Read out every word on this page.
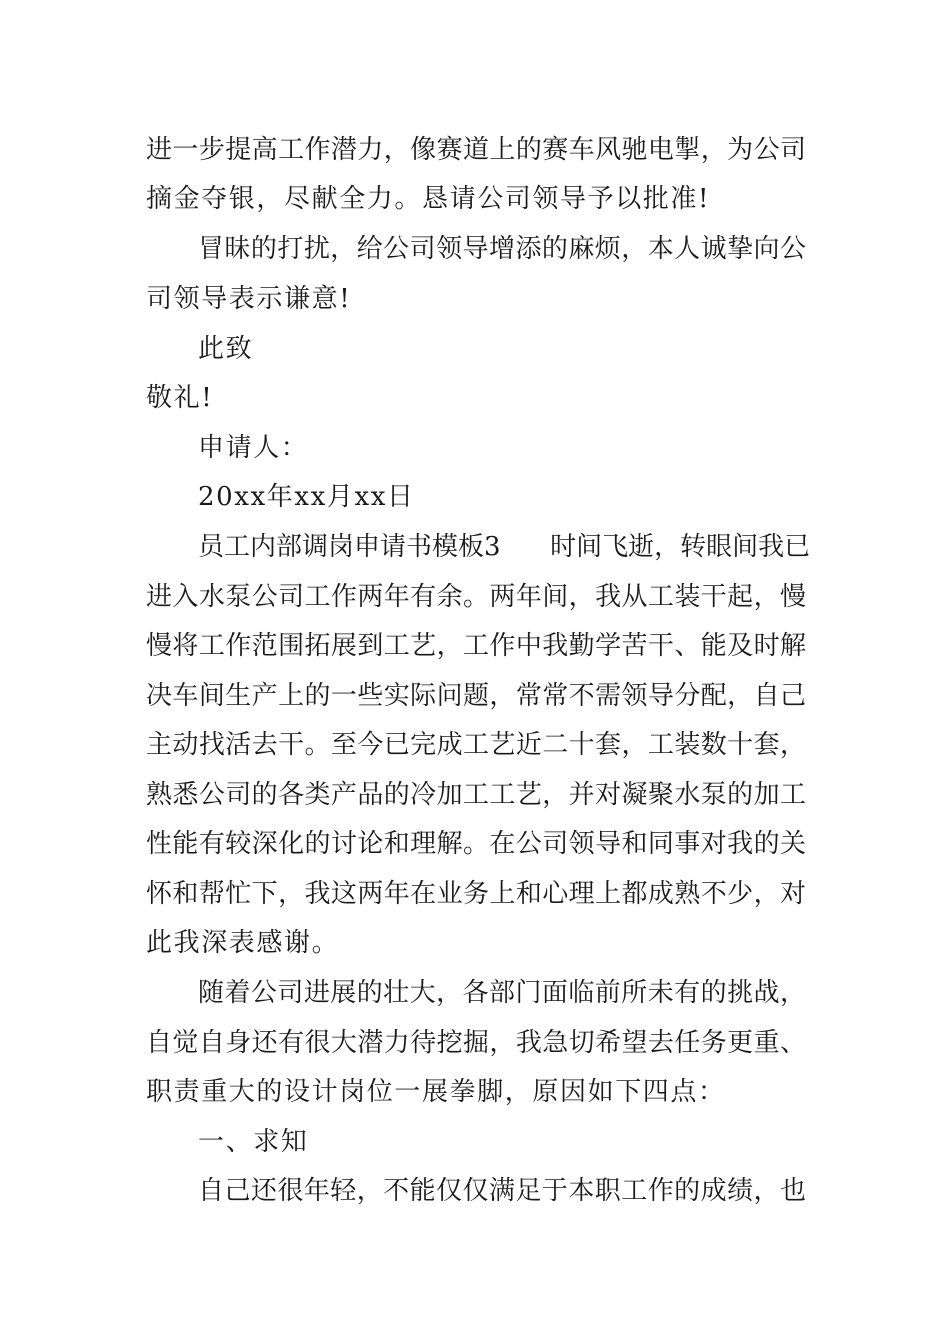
进一步提高工作潜力，像赛道上的赛车风驰电掣，为公司
摘金夺银，尽献全力。恳请公司领导予以批准!
冒昧的打扰，给公司领导增添的麻烦，本人诚挚向公
司领导表示谦意!
此致
敬礼!
申请人：
20xx年xx月xx日
员工内部调岗申请书模板3      时间飞逝，转眼间我已
进入水泵公司工作两年有余。两年间，我从工装干起，慢
慢将工作范围拓展到工艺，工作中我勤学苦干、能及时解
决车间生产上的一些实际问题，常常不需领导分配，自己
主动找活去干。至今已完成工艺近二十套，工装数十套，
熟悉公司的各类产品的冷加工工艺，并对凝聚水泵的加工
性能有较深化的讨论和理解。在公司领导和同事对我的关
怀和帮忙下，我这两年在业务上和心理上都成熟不少，对
此我深表感谢。
随着公司进展的壮大，各部门面临前所未有的挑战，
自觉自身还有很大潜力待挖掘，我急切希望去任务更重、
职责重大的设计岗位一展拳脚，原因如下四点：
一、求知
自己还很年轻，不能仅仅满足于本职工作的成绩，也
